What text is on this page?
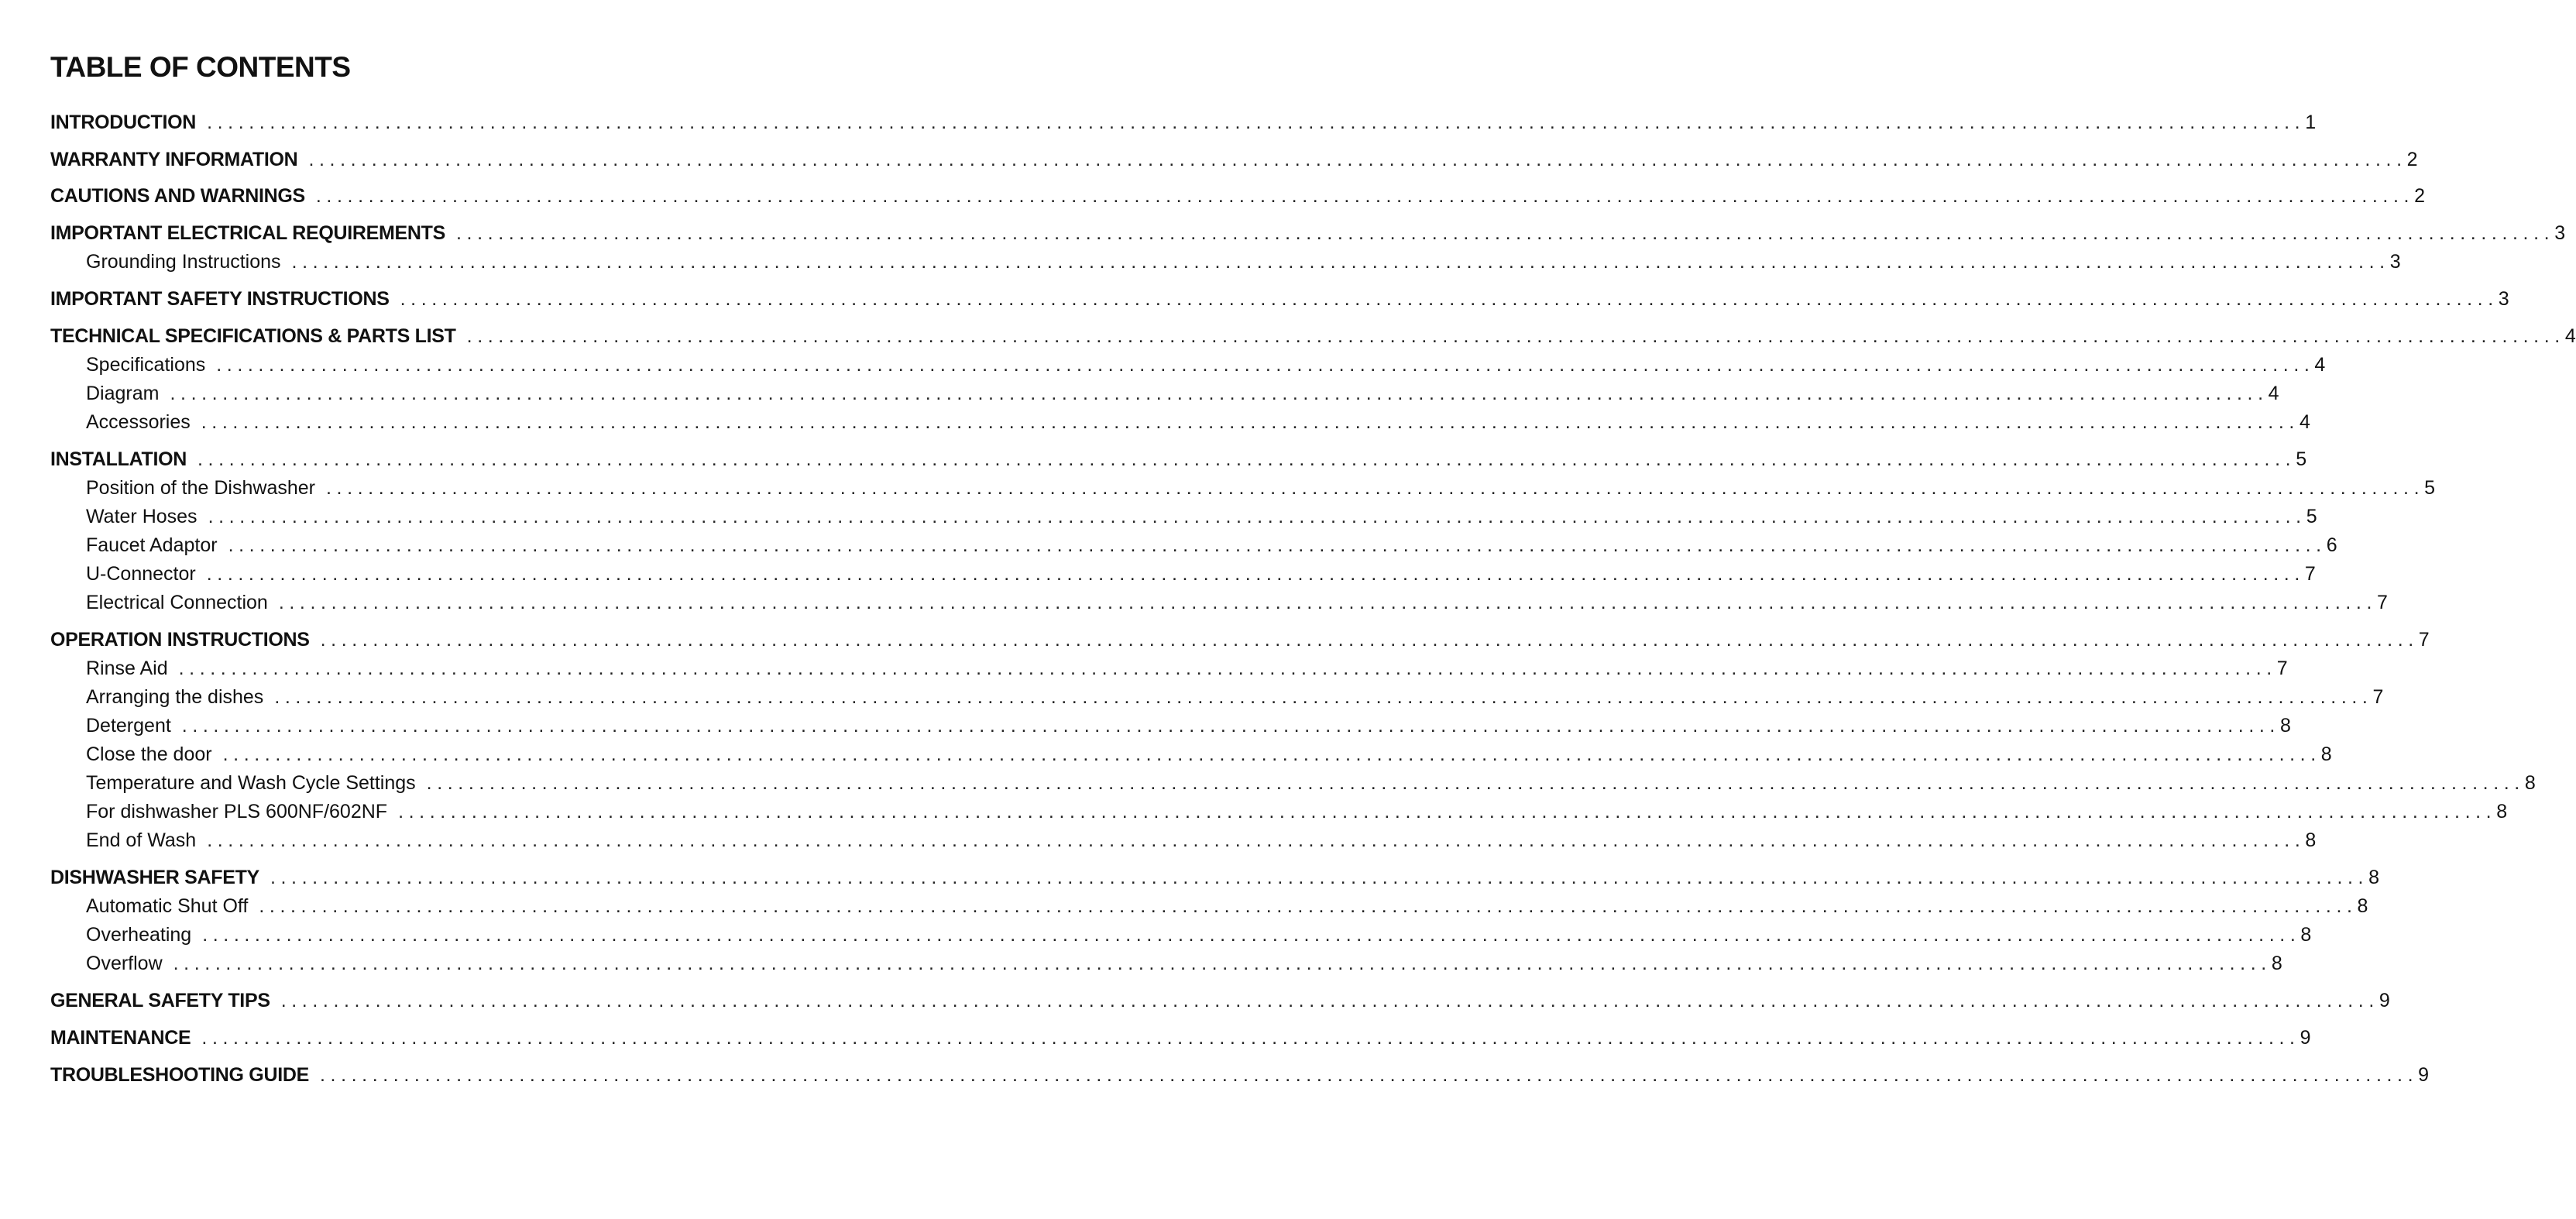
TABLE OF CONTENTS
INTRODUCTION ........................................................................................................................................................................................................ 1
WARRANTY INFORMATION ........................................................................................................................................................................................................ 2
CAUTIONS AND WARNINGS ........................................................................................................................................................................................................ 2
IMPORTANT ELECTRICAL REQUIREMENTS ........................................................................................................................................................................................................ 3
Grounding Instructions ........................................................................................................................................................................................................ 3
IMPORTANT SAFETY INSTRUCTIONS ........................................................................................................................................................................................................ 3
TECHNICAL SPECIFICATIONS & PARTS LIST ........................................................................................................................................................................................................ 4
Specifications ........................................................................................................................................................................................................ 4
Diagram ........................................................................................................................................................................................................ 4
Accessories ........................................................................................................................................................................................................ 4
INSTALLATION ........................................................................................................................................................................................................ 5
Position of the Dishwasher ........................................................................................................................................................................................................ 5
Water Hoses ........................................................................................................................................................................................................ 5
Faucet Adaptor ........................................................................................................................................................................................................ 6
U-Connector ........................................................................................................................................................................................................ 7
Electrical Connection ........................................................................................................................................................................................................ 7
OPERATION INSTRUCTIONS ........................................................................................................................................................................................................ 7
Rinse Aid ........................................................................................................................................................................................................ 7
Arranging the dishes ........................................................................................................................................................................................................ 7
Detergent ........................................................................................................................................................................................................ 8
Close the door ........................................................................................................................................................................................................ 8
Temperature and Wash Cycle Settings ........................................................................................................................................................................................................ 8
For dishwasher PLS 600NF/602NF ........................................................................................................................................................................................................ 8
End of Wash ........................................................................................................................................................................................................ 8
DISHWASHER SAFETY ........................................................................................................................................................................................................ 8
Automatic Shut Off ........................................................................................................................................................................................................ 8
Overheating ........................................................................................................................................................................................................ 8
Overflow ........................................................................................................................................................................................................ 8
GENERAL SAFETY TIPS ........................................................................................................................................................................................................ 9
MAINTENANCE ........................................................................................................................................................................................................ 9
TROUBLESHOOTING GUIDE ........................................................................................................................................................................................................ 9
